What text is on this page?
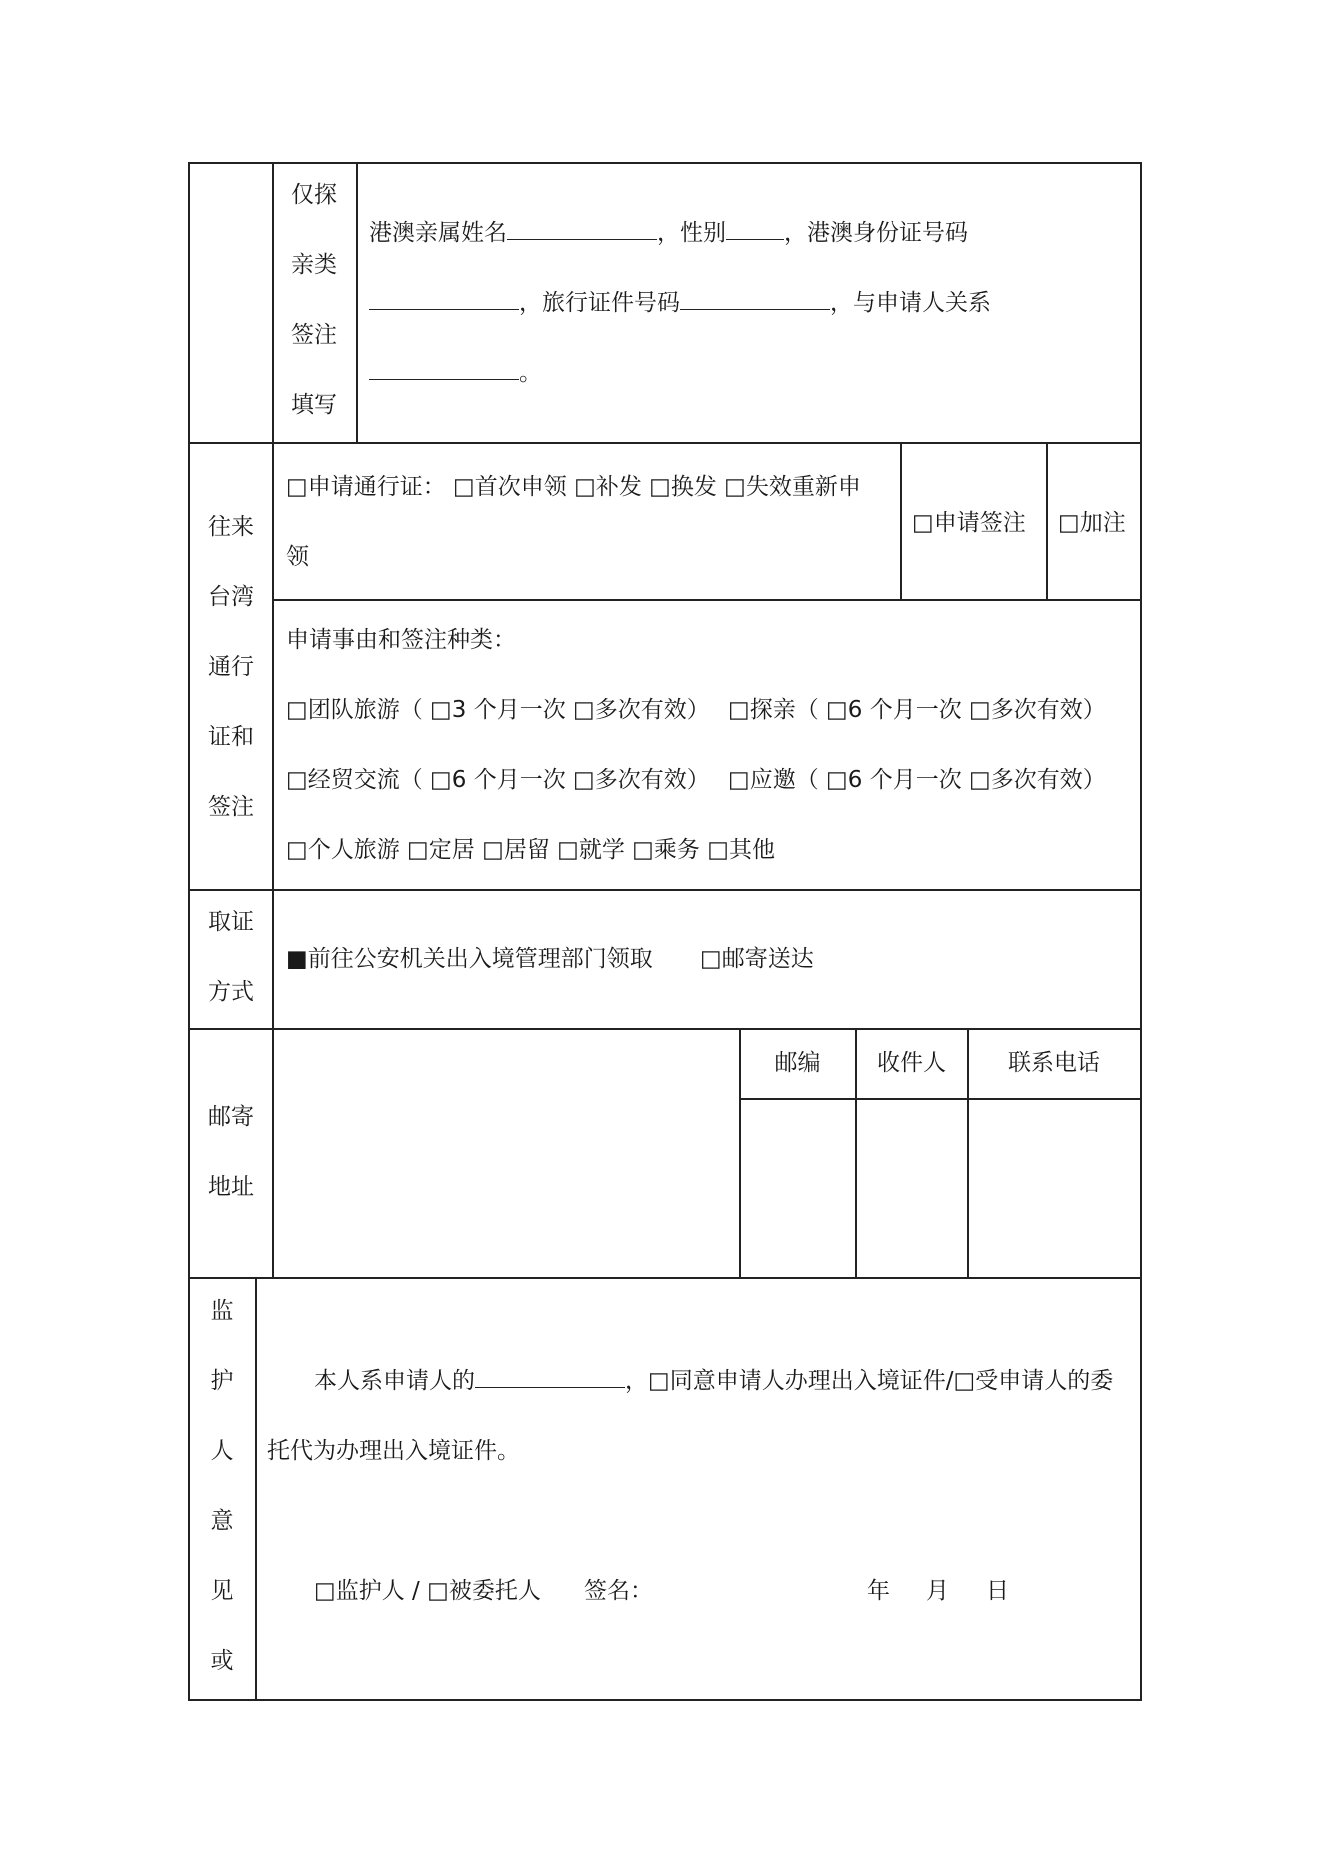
仅探
亲类
签注
填写
港澳亲属姓名	，性别	，港澳身份证号码
，旅行证件号码	，与申请人关系
。
往来
台湾
通行
证和
签注
□申请通行证： □首次申领 □补发 □换发 □失效重新申
领
□申请签注 □加注
申请事由和签注种类：
□团队旅游（ □3 个月一次 □多次有效） □探亲（ □6 个月一次 □多次有效）
□经贸交流（ □6 个月一次 □多次有效） □应邀（ □6 个月一次 □多次有效）
□个人旅游 □定居 □居留 □就学 □乘务 □其他
取证
方式
■前往公安机关出入境管理部门领取 □邮寄送达
邮寄
地址
邮编	收件人	联系电话
监
护
人
意
见
或
本人系申请人的	，□同意申请人办理出入境证件/□受申请人的委
托代为办理出入境证件。
□监护人 / □被委托人 签名：	年 月 日
